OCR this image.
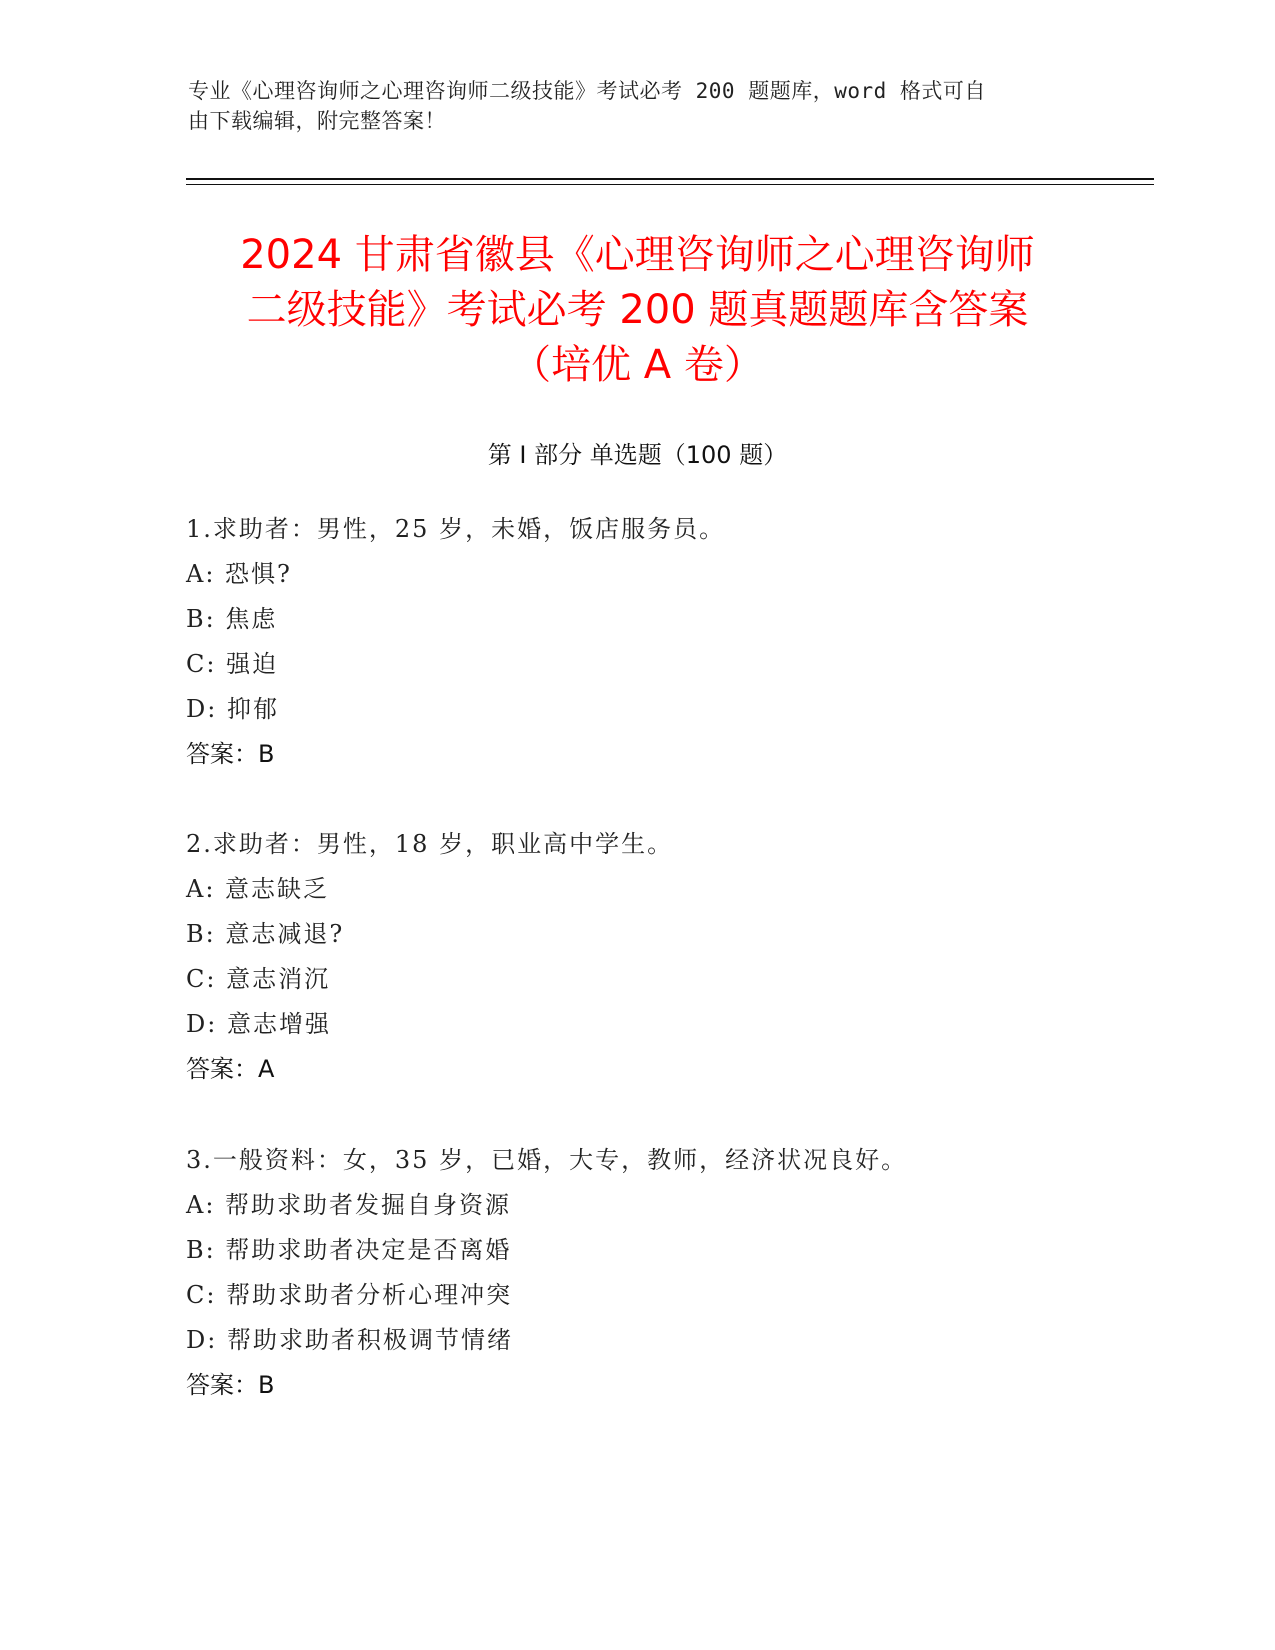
专业《心理咨询师之心理咨询师二级技能》考试必考 200 题题库，word 格式可自
由下载编辑，附完整答案！
2024 甘肃省徽县《心理咨询师之心理咨询师
二级技能》考试必考 200 题真题题库含答案
（培优 A 卷）
第 I 部分 单选题（100 题）
1.求助者：男性，25 岁，未婚，饭店服务员。
A: 恐惧?
B: 焦虑
C: 强迫
D: 抑郁
答案：B
2.求助者：男性，18 岁，职业高中学生。
A: 意志缺乏
B: 意志减退?
C: 意志消沉
D: 意志增强
答案：A
3.一般资料：女，35 岁，已婚，大专，教师，经济状况良好。
A: 帮助求助者发掘自身资源
B: 帮助求助者决定是否离婚
C: 帮助求助者分析心理冲突
D: 帮助求助者积极调节情绪
答案：B
